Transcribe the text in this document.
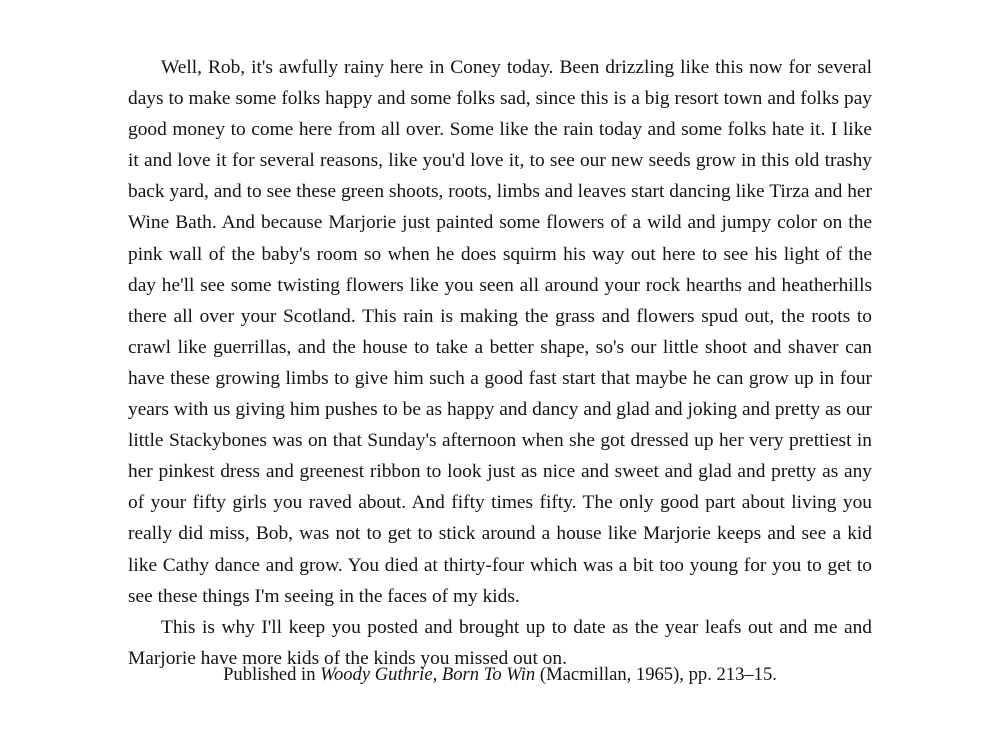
Well, Rob, it's awfully rainy here in Coney today. Been drizzling like this now for several days to make some folks happy and some folks sad, since this is a big resort town and folks pay good money to come here from all over. Some like the rain today and some folks hate it. I like it and love it for several reasons, like you'd love it, to see our new seeds grow in this old trashy back yard, and to see these green shoots, roots, limbs and leaves start dancing like Tirza and her Wine Bath. And because Marjorie just painted some flowers of a wild and jumpy color on the pink wall of the baby's room so when he does squirm his way out here to see his light of the day he'll see some twisting flowers like you seen all around your rock hearths and heatherhills there all over your Scotland. This rain is making the grass and flowers spud out, the roots to crawl like guerrillas, and the house to take a better shape, so's our little shoot and shaver can have these growing limbs to give him such a good fast start that maybe he can grow up in four years with us giving him pushes to be as happy and dancy and glad and joking and pretty as our little Stackybones was on that Sunday's afternoon when she got dressed up her very prettiest in her pinkest dress and greenest ribbon to look just as nice and sweet and glad and pretty as any of your fifty girls you raved about. And fifty times fifty. The only good part about living you really did miss, Bob, was not to get to stick around a house like Marjorie keeps and see a kid like Cathy dance and grow. You died at thirty-four which was a bit too young for you to get to see these things I'm seeing in the faces of my kids.

This is why I'll keep you posted and brought up to date as the year leafs out and me and Marjorie have more kids of the kinds you missed out on.

Published in Woody Guthrie, Born To Win (Macmillan, 1965), pp. 213–15.
